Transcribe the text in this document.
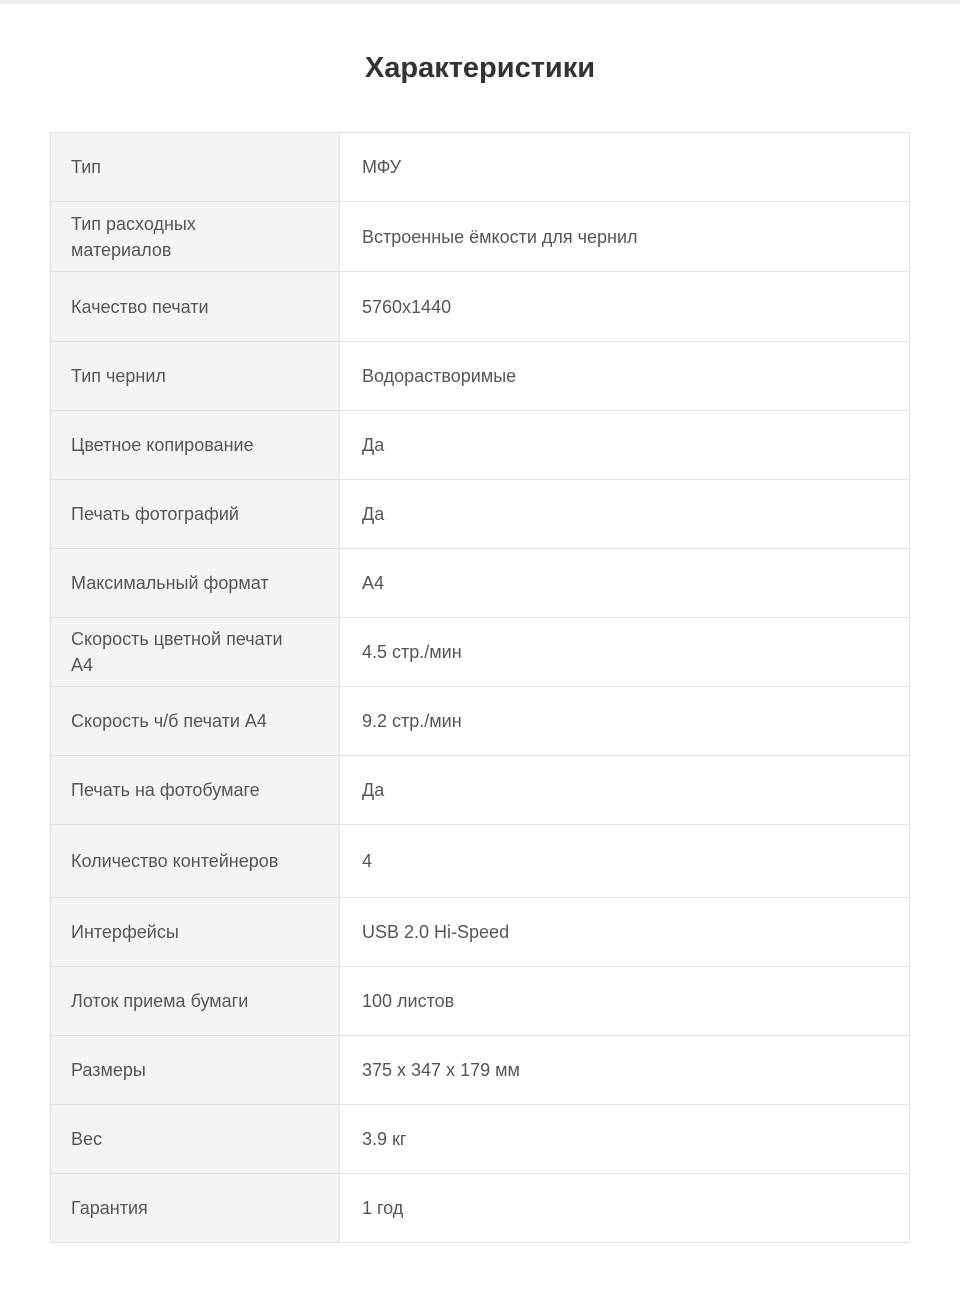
Характеристики
Тип	МФУ

Тип расходных материалов	Встроенные ёмкости для чернил

Качество печати	5760x1440

Тип чернил	Водорастворимые

Цветное копирование	Да

Печать фотографий	Да

Максимальный формат	A4

Скорость цветной печати A4	4.5 стр./мин

Скорость ч/б печати A4	9.2 стр./мин

Печать на фотобумаге	Да

Количество контейнеров	4

Интерфейсы	USB 2.0 Hi-Speed

Лоток приема бумаги	100 листов

Размеры	375 x 347 x 179 мм

Вес	3.9 кг

Гарантия	1 год
